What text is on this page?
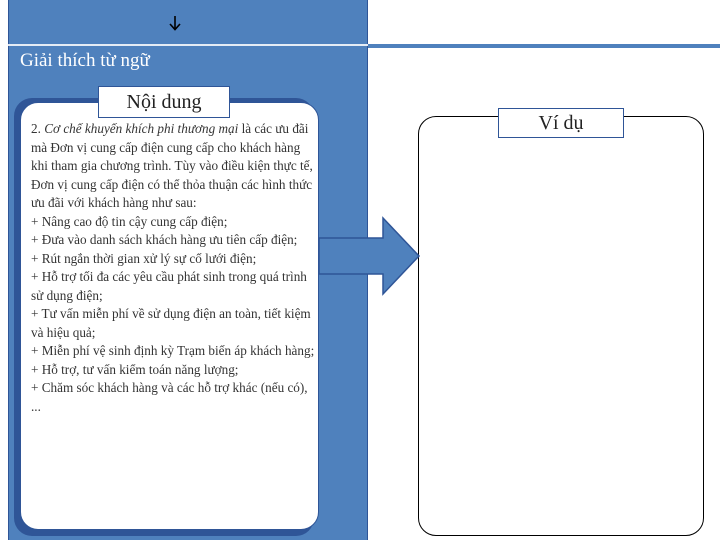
Giải thích từ ngữ

2. Cơ chế khuyến khích phi thương mại là các ưu đãi mà Đơn vị cung cấp điện cung cấp cho khách hàng khi tham gia chương trình. Tùy vào điều kiện thực tế, Đơn vị cung cấp điện có thể thỏa thuận các hình thức ưu đãi với khách hàng như sau:
+ Nâng cao độ tin cậy cung cấp điện;
+ Đưa vào danh sách khách hàng ưu tiên cấp điện;
+ Rút ngắn thời gian xử lý sự cố lưới điện;
+ Hỗ trợ tối đa các yêu cầu phát sinh trong quá trình sử dụng điện;
+ Tư vấn miễn phí về sử dụng điện an toàn, tiết kiệm và hiệu quả;
+ Miễn phí vệ sinh định kỳ Trạm biến áp khách hàng;
+ Hỗ trợ, tư vấn kiểm toán năng lượng;
+ Chăm sóc khách hàng và các hỗ trợ khác (nếu có), ...

Nội dung
Ví dụ
